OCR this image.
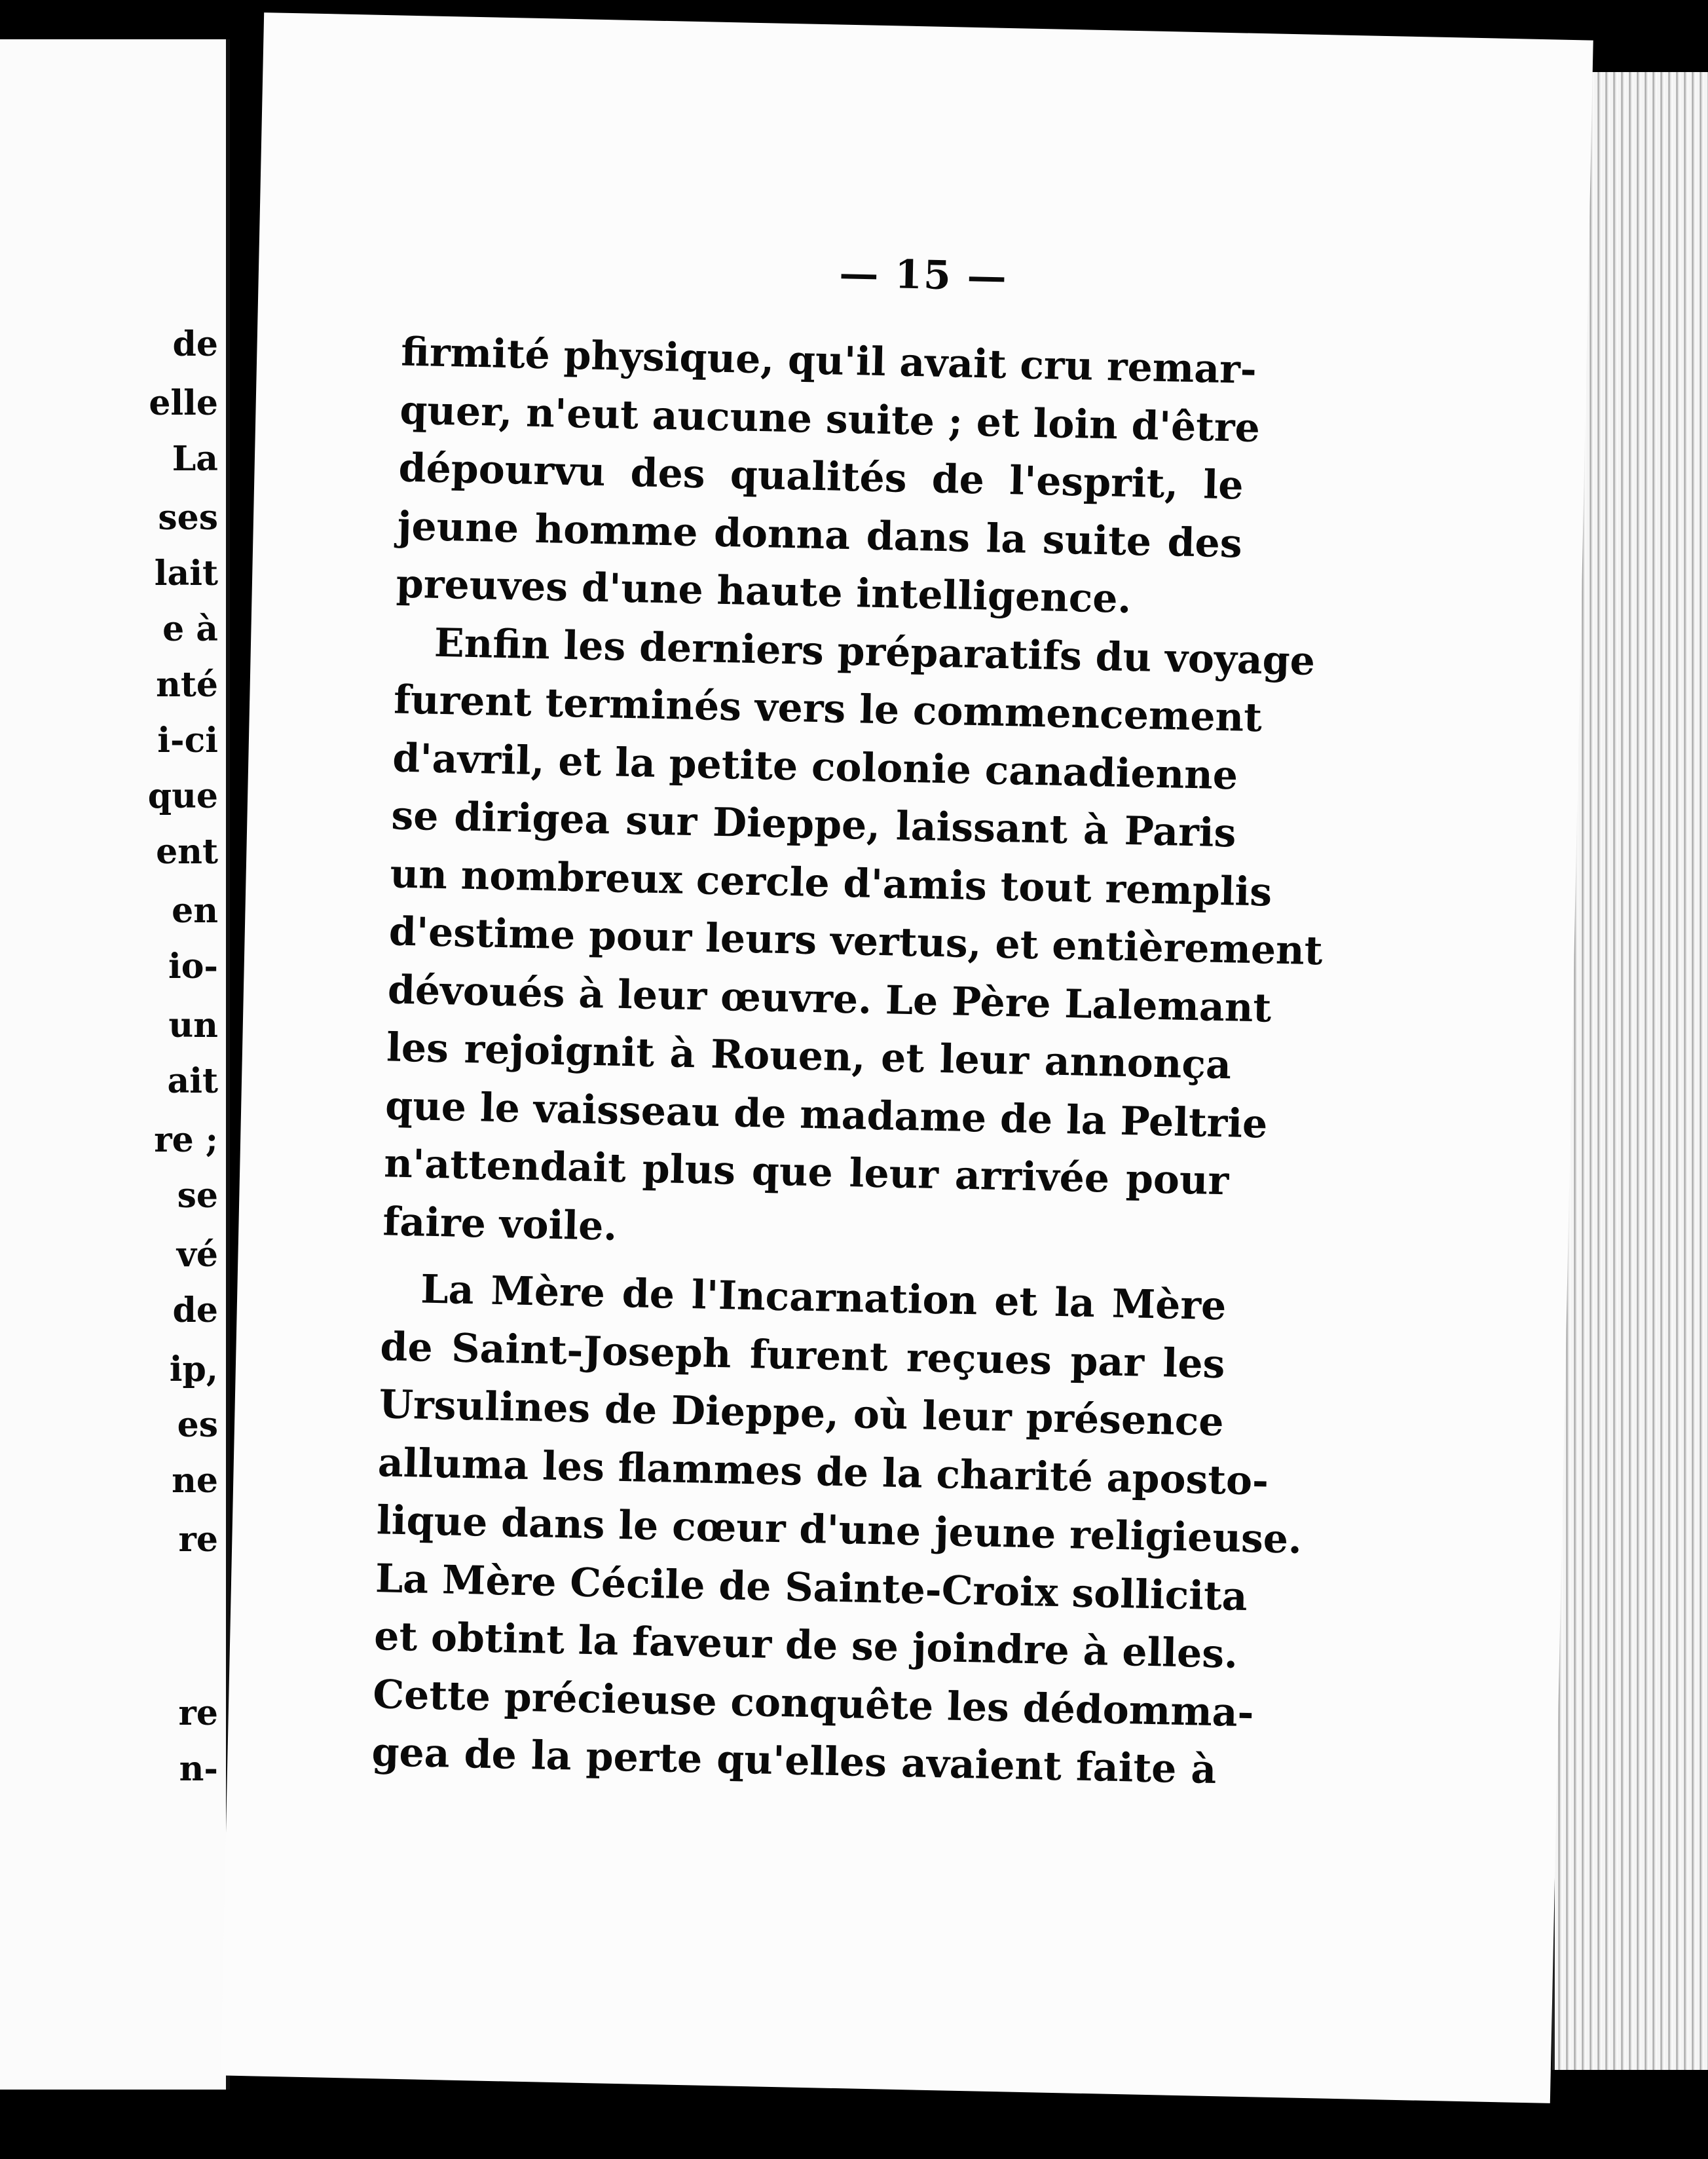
de
elle
La
ses
lait
e à
nté
i-ci
que
ent
en
io-
un
ait
re ;
se
vé
de
ip,
es
ne
re
re
n-
— 15 —
firmité physique, qu'il avait cru remar-
quer, n'eut aucune suite ; et loin d'être
dépourvu des qualités de l'esprit, le
jeune homme donna dans la suite des
preuves d'une haute intelligence.
Enfin les derniers préparatifs du voyage
furent terminés vers le commencement
d'avril, et la petite colonie canadienne
se dirigea sur Dieppe, laissant à Paris
un nombreux cercle d'amis tout remplis
d'estime pour leurs vertus, et entièrement
dévoués à leur œuvre. Le Père Lalemant
les rejoignit à Rouen, et leur annonça
que le vaisseau de madame de la Peltrie
n'attendait plus que leur arrivée pour
faire voile.
La Mère de l'Incarnation et la Mère
de Saint-Joseph furent reçues par les
Ursulines de Dieppe, où leur présence
alluma les flammes de la charité aposto-
lique dans le cœur d'une jeune religieuse.
La Mère Cécile de Sainte-Croix sollicita
et obtint la faveur de se joindre à elles.
Cette précieuse conquête les dédomma-
gea de la perte qu'elles avaient faite à
